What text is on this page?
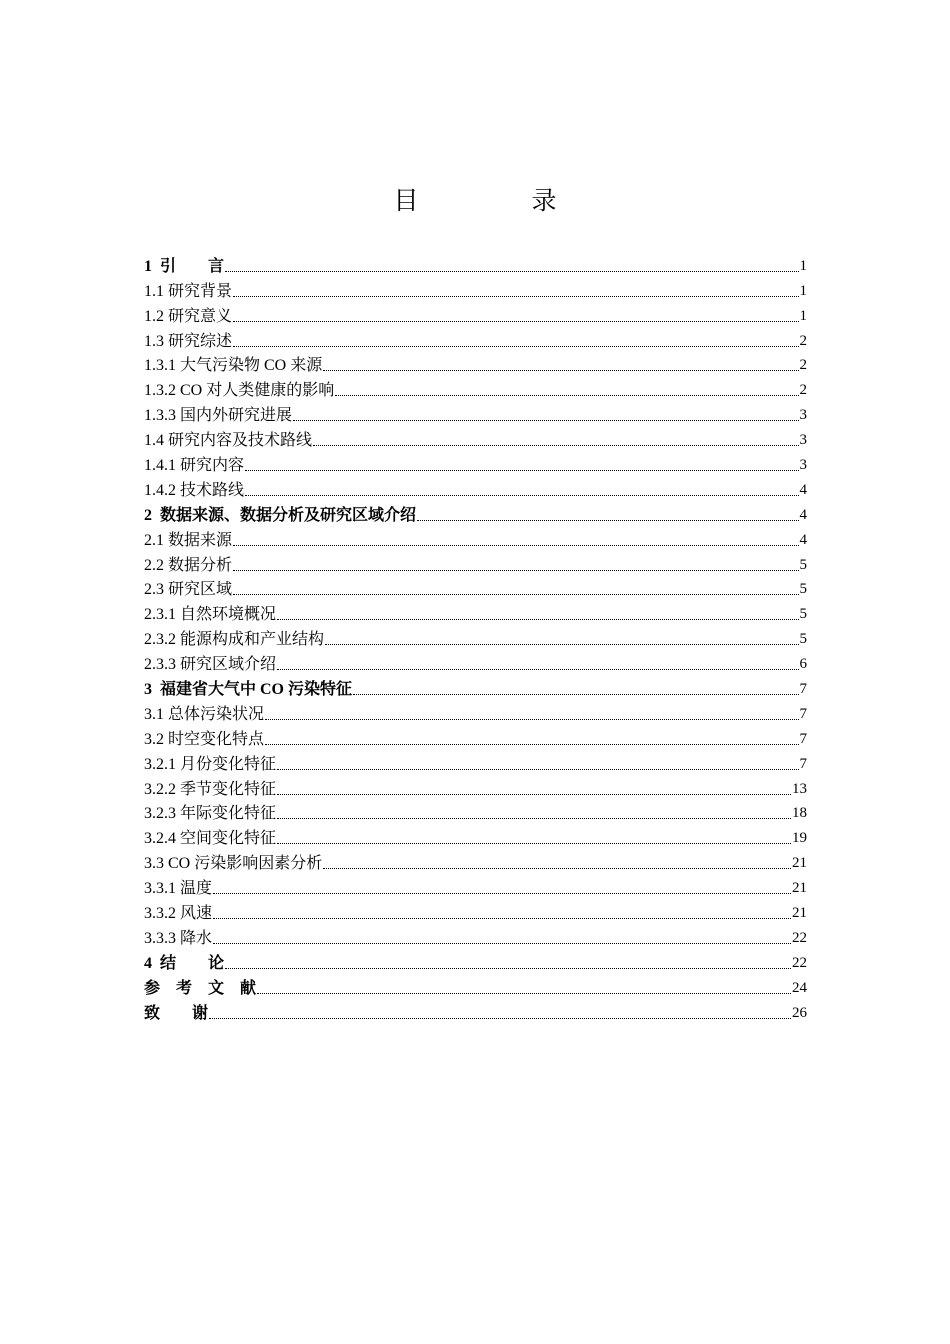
目　录
1  引        言	1
1.1 研究背景	1
1.2 研究意义	1
1.3 研究综述	2
1.3.1 大气污染物 CO 来源	2
1.3.2 CO 对人类健康的影响	2
1.3.3 国内外研究进展	3
1.4 研究内容及技术路线	3
1.4.1 研究内容	3
1.4.2 技术路线	4
2  数据来源、数据分析及研究区域介绍	4
2.1 数据来源	4
2.2 数据分析	5
2.3 研究区域	5
2.3.1 自然环境概况	5
2.3.2 能源构成和产业结构	5
2.3.3 研究区域介绍	6
3  福建省大气中 CO 污染特征	7
3.1 总体污染状况	7
3.2 时空变化特点	7
3.2.1 月份变化特征	7
3.2.2 季节变化特征	13
3.2.3 年际变化特征	18
3.2.4 空间变化特征	19
3.3 CO 污染影响因素分析	21
3.3.1 温度	21
3.3.2 风速	21
3.3.3 降水	22
4  结        论	22
参    考    文    献	24
致        谢	26
